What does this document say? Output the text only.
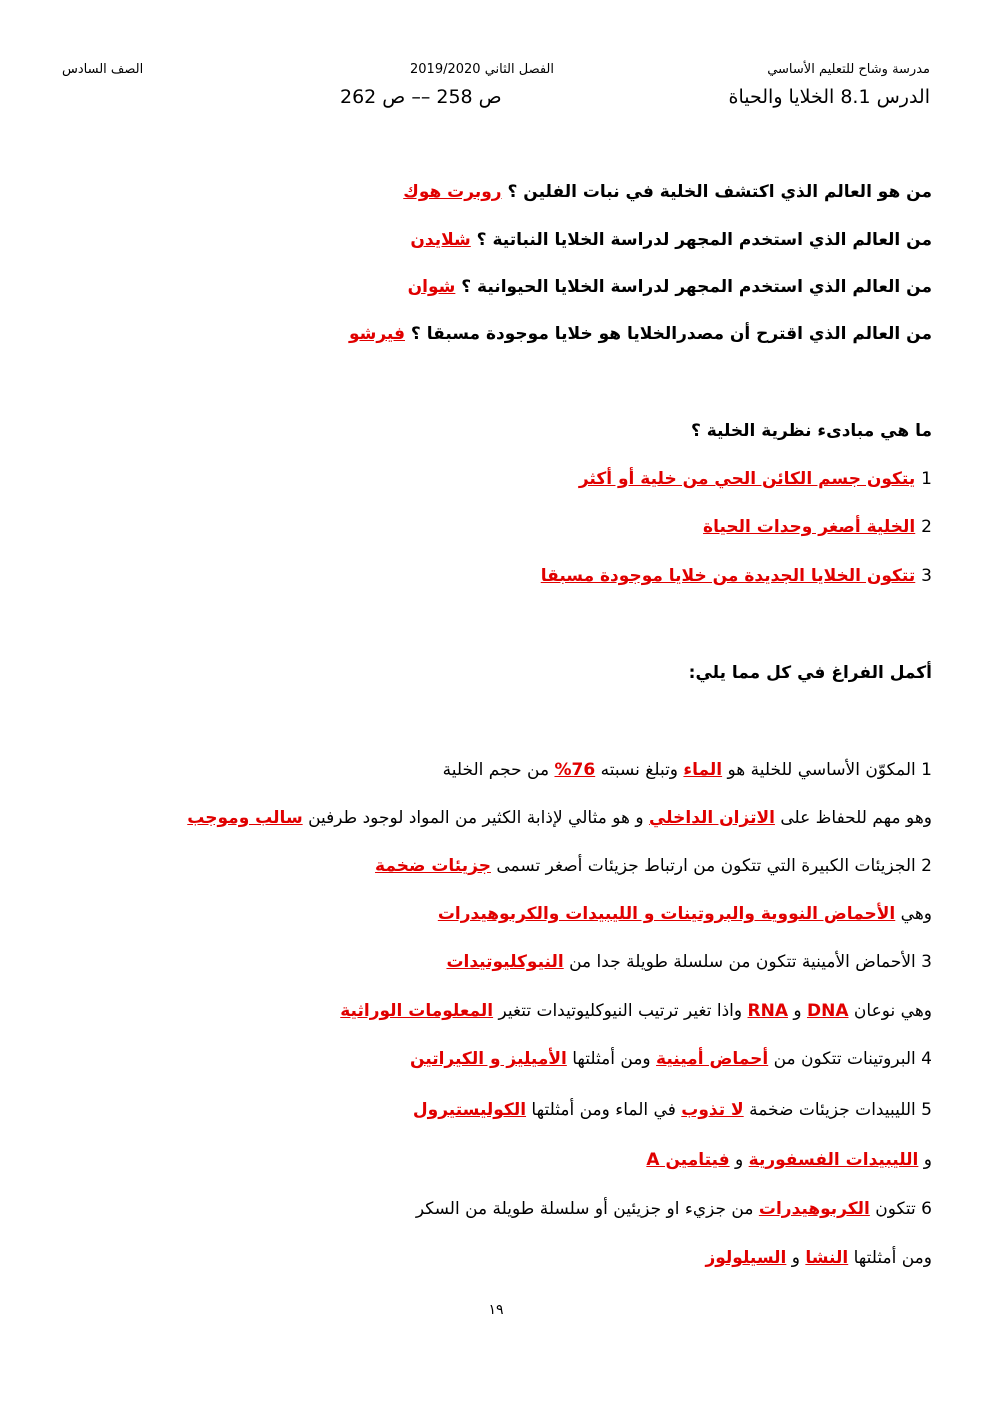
مدرسة وشاح للتعليم الأساسي
الفصل الثاني 2019/2020
الصف السادس
الدرس 8.1 الخلايا والحياة
ص 258 –– ص 262
من هو العالم الذي اكتشف الخلية في نبات الفلين ؟ روبرت هوك
من العالم الذي استخدم المجهر لدراسة الخلايا النباتية ؟ شلايدن
من العالم الذي استخدم المجهر لدراسة الخلايا الحيوانية ؟ شوان
من العالم الذي اقترح أن مصدرالخلايا هو خلايا موجودة مسبقا ؟ فيرشو
ما هي مبادىء نظرية الخلية ؟
1 يتكون جسم الكائن الحي من خلية أو أكثر
2 الخلية أصغر وحدات الحياة
3 تتكون الخلايا الجديدة من خلايا موجودة مسبقا
أكمل الفراغ في كل مما يلي:
1 المكوّن الأساسي للخلية هو الماء وتبلغ نسبته 76% من حجم الخلية
وهو مهم للحفاظ على الاتزان الداخلي و هو مثالي لإذابة الكثير من المواد لوجود طرفين سالب وموجب
2 الجزيئات الكبيرة التي تتكون من ارتباط جزيئات أصغر تسمى جزيئات ضخمة
وهي الأحماض النووية والبروتينات و الليبيدات والكربوهيدرات
3 الأحماض الأمينية تتكون من سلسلة طويلة جدا من النيوكليوتيدات
وهي نوعان DNA و RNA واذا تغير ترتيب النيوكليوتيدات تتغير المعلومات الوراثية
4 البروتينات تتكون من أحماض أمينية ومن أمثلتها الأميليز و الكيراتين
5 الليبيدات جزيئات ضخمة لا تذوب في الماء ومن أمثلتها الكوليستيرول
و الليبيدات الفسفورية و فيتامين A
6 تتكون الكربوهيدرات من جزيء او جزيئين أو سلسلة طويلة من السكر
ومن أمثلتها النشا و السيلولوز
١٩
